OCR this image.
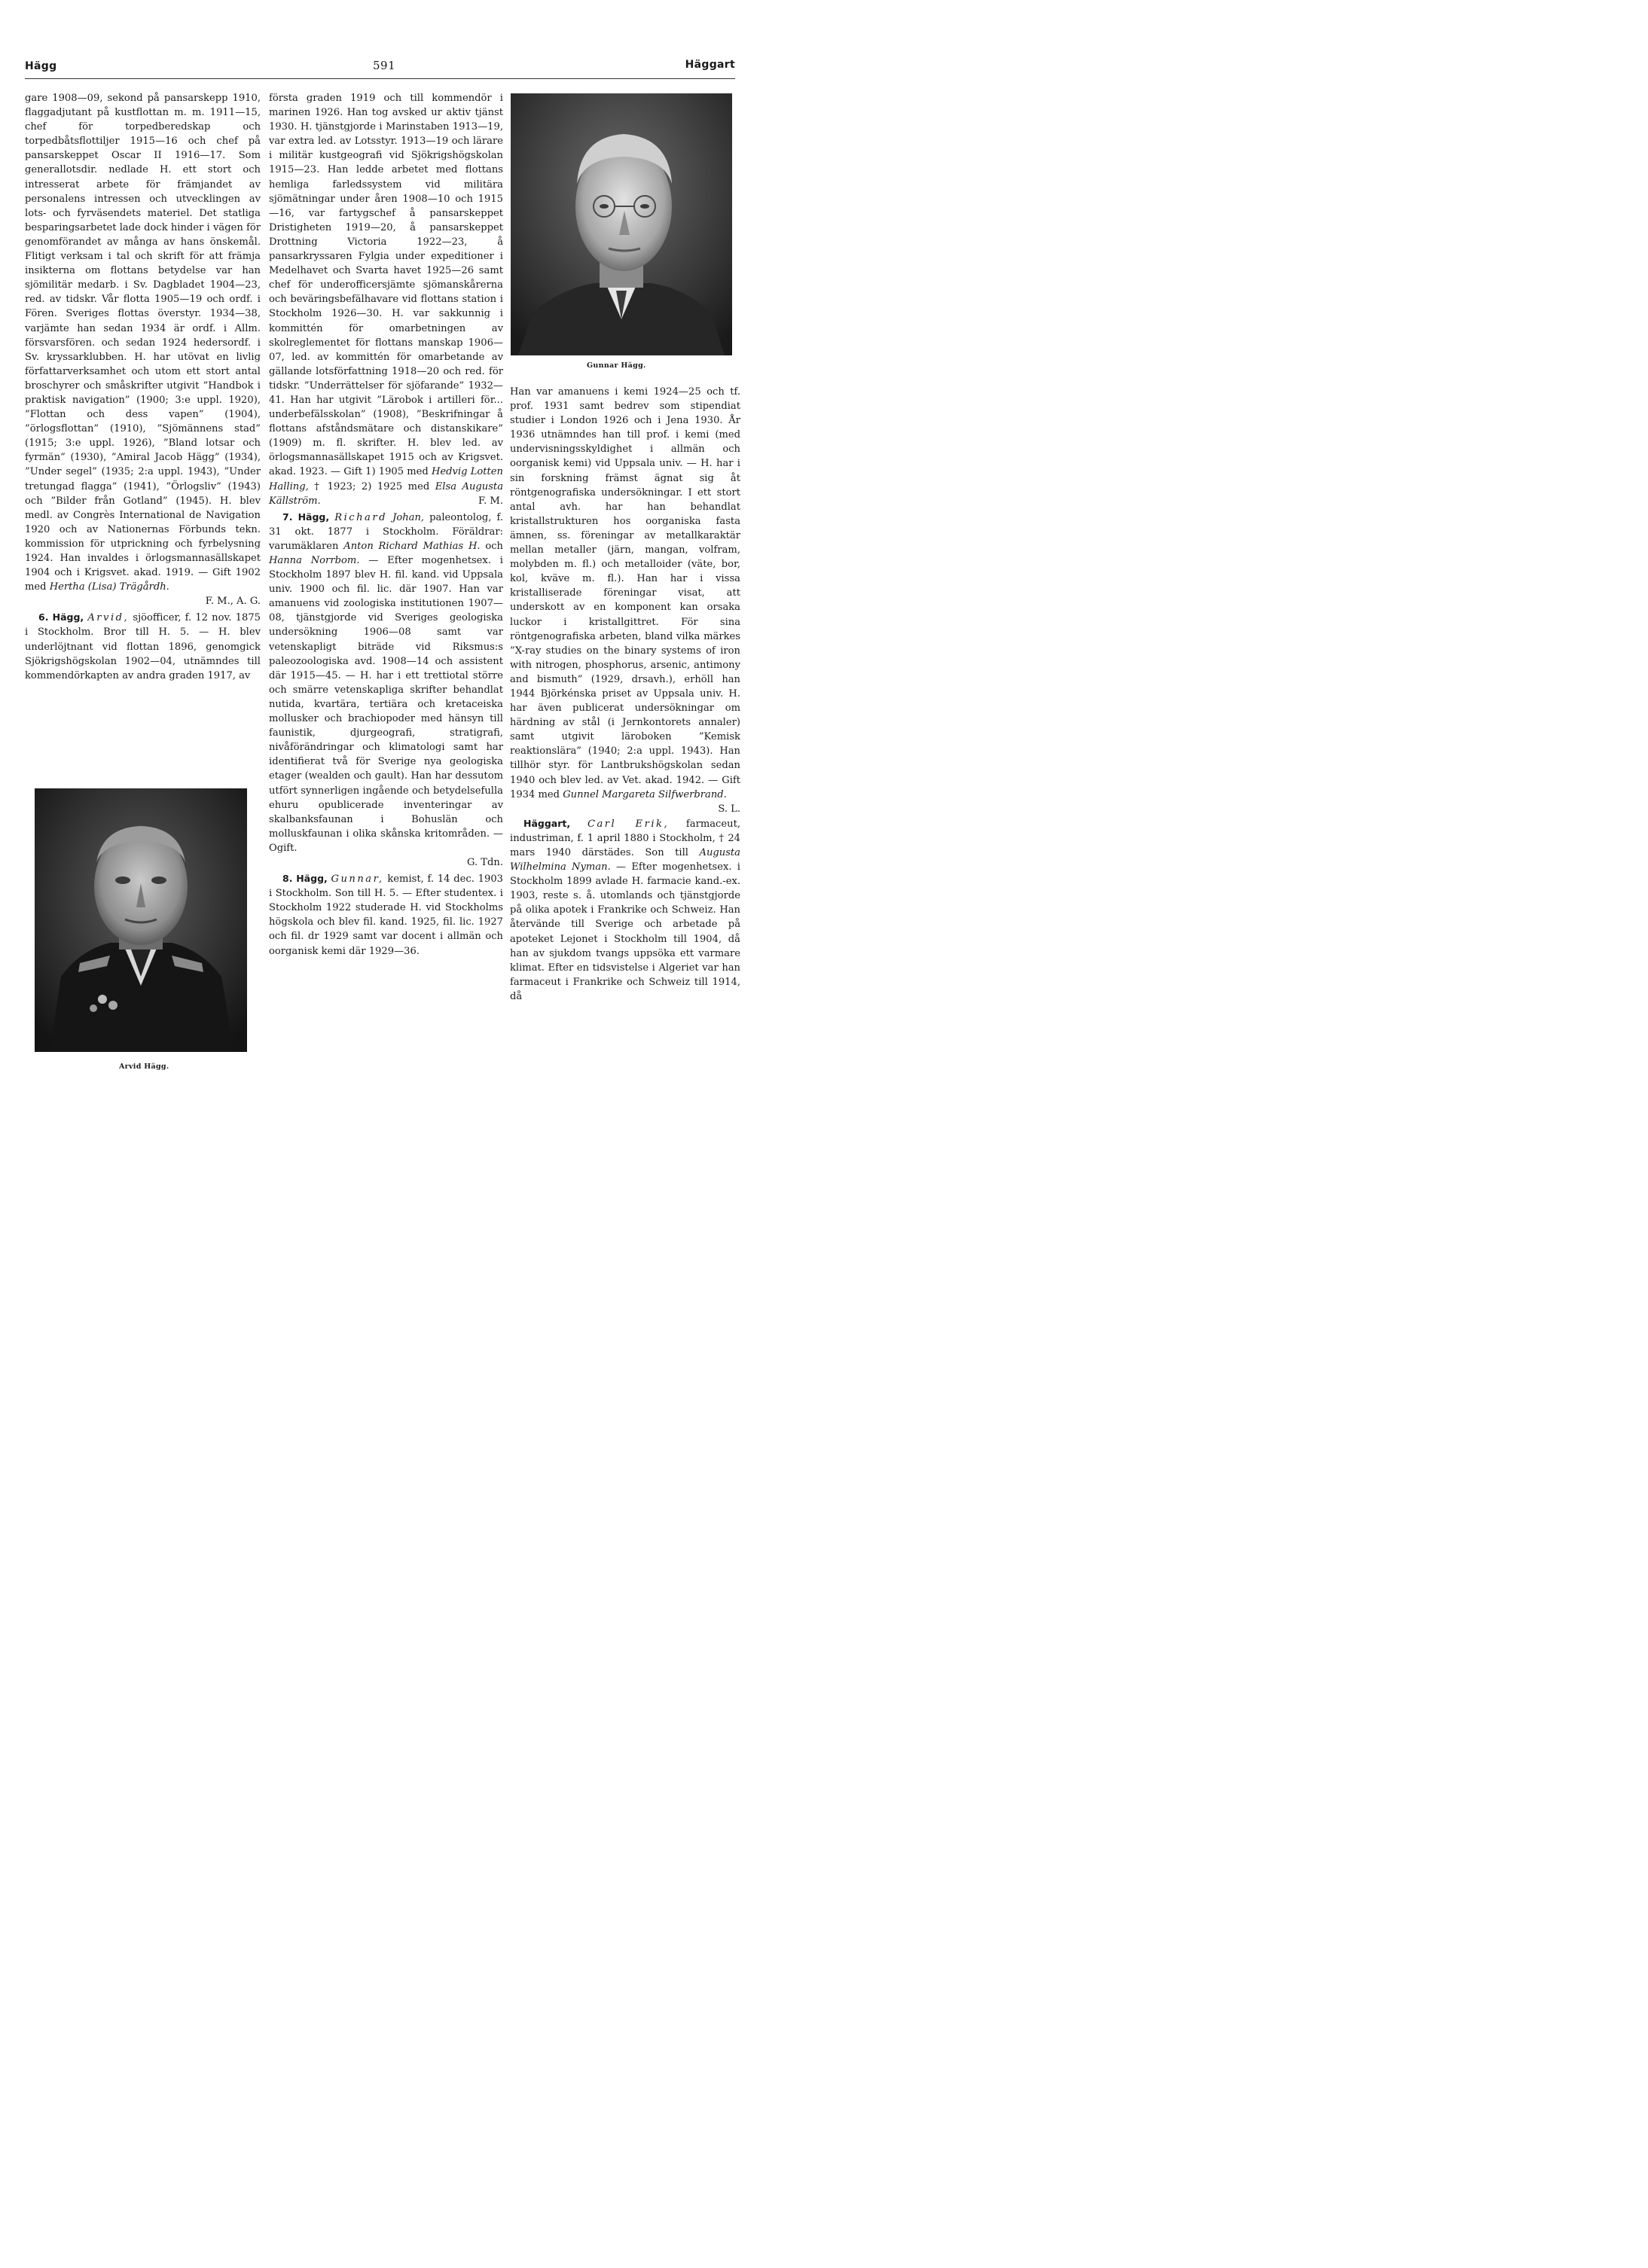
Hägg	591	Häggart

gare 1908—09, sekond på pansarskepp 1910, flaggadjutant på kustflottan m. m. 1911—15, chef för torpedberedskap och torpedbåtsflottiljer 1915—16 och chef på pansarskeppet Oscar II 1916—17. Som generallotsdir. nedlade H. ett stort och intresserat arbete för främjandet av personalens intressen och utvecklingen av lots- och fyrväsendets materiel. Det statliga besparingsarbetet lade dock hinder i vägen för genomförandet av många av hans önskemål. Flitigt verksam i tal och skrift för att främja insikterna om flottans betydelse var han sjömilitär medarb. i Sv. Dagbladet 1904—23, red. av tidskr. Vår flotta 1905—19 och ordf. i Fören. Sveriges flottas överstyr. 1934—38, varjämte han sedan 1934 är ordf. i Allm. försvarsfören. och sedan 1924 hedersordf. i Sv. kryssarklubben. H. har utövat en livlig författarverksamhet och utom ett stort antal broschyrer och småskrifter utgivit ”Handbok i praktisk navigation” (1900; 3:e uppl. 1920), ”Flottan och dess vapen” (1904), ”örlogsflottan” (1910), ”Sjömännens stad” (1915; 3:e uppl. 1926), ”Bland lotsar och fyrmän” (1930), ”Amiral Jacob Hägg” (1934), ”Under segel” (1935; 2:a uppl. 1943), ”Under tretungad flagga” (1941), ”Örlogsliv” (1943) och ”Bilder från Gotland” (1945). H. blev medl. av Congrès International de Navigation 1920 och av Nationernas Förbunds tekn. kommission för utprickning och fyrbelysning 1924. Han invaldes i örlogsmannasällskapet 1904 och i Krigsvet. akad. 1919. — Gift 1902 med Hertha (Lisa) Trägårdh.

F. M., A. G.

6. Hägg, Arvid, sjöofficer, f. 12 nov. 1875 i Stockholm. Bror till H. 5. — H. blev underlöjtnant vid flottan 1896, genomgick Sjökrigshögskolan 1902—04, utnämndes till kommendörkapten av andra graden 1917, av

Arvid Hägg.

första graden 1919 och till kommendör i marinen 1926. Han tog avsked ur aktiv tjänst 1930. H. tjänstgjorde i Marinstaben 1913—19, var extra led. av Lotsstyr. 1913—19 och lärare i militär kustgeografi vid Sjökrigshögskolan 1915—23. Han ledde arbetet med flottans hemliga farledssystem vid militära sjömätningar under åren 1908—10 och 1915—16, var fartygschef å pansarskeppet Dristigheten 1919—20, å pansarskeppet Drottning Victoria 1922—23, å pansarkryssaren Fylgia under expeditioner i Medelhavet och Svarta havet 1925—26 samt chef för underofficersjämte sjömanskårerna och beväringsbefälhavare vid flottans station i Stockholm 1926—30. H. var sakkunnig i kommittén för omarbetningen av skolreglementet för flottans manskap 1906—07, led. av kommittén för omarbetande av gällande lotsförfattning 1918—20 och red. för tidskr. ”Underrättelser för sjöfarande” 1932—41. Han har utgivit ”Lärobok i artilleri för... underbefälsskolan” (1908), ”Beskrifningar å flottans afståndsmätare och distanskikare” (1909) m. fl. skrifter. H. blev led. av örlogsmannasällskapet 1915 och av Krigsvet. akad. 1923. — Gift 1) 1905 med Hedvig Lotten Halling, † 1923; 2) 1925 med Elsa Augusta Källström.	F. M.

7. Hägg, Richard Johan, paleontolog, f. 31 okt. 1877 i Stockholm. Föräldrar: varumäklaren Anton Richard Mathias H. och Hanna Norrbom. — Efter mogenhetsex. i Stockholm 1897 blev H. fil. kand. vid Uppsala univ. 1900 och fil. lic. där 1907. Han var amanuens vid zoologiska institutionen 1907—08, tjänstgjorde vid Sveriges geologiska undersökning 1906—08 samt var vetenskapligt biträde vid Riksmus:s paleozoologiska avd. 1908—14 och assistent där 1915—45. — H. har i ett trettiotal större och smärre vetenskapliga skrifter behandlat nutida, kvartära, tertiära och kretaceiska mollusker och brachiopoder med hänsyn till faunistik, djurgeografi, stratigrafi, nivåförändringar och klimatologi samt har identifierat två för Sverige nya geologiska etager (wealden och gault). Han har dessutom utfört synnerligen ingående och betydelsefulla ehuru opublicerade inventeringar av skalbanksfaunan i Bohuslän och molluskfaunan i olika skånska kritområden. — Ogift.

G. Tdn.

8. Hägg, Gunnar, kemist, f. 14 dec. 1903 i Stockholm. Son till H. 5. — Efter studentex. i Stockholm 1922 studerade H. vid Stockholms högskola och blev fil. kand. 1925, fil. lic. 1927 och fil. dr 1929 samt var docent i allmän och oorganisk kemi där 1929—36.

Gunnar Hägg.

Han var amanuens i kemi 1924—25 och tf. prof. 1931 samt bedrev som stipendiat studier i London 1926 och i Jena 1930. År 1936 utnämndes han till prof. i kemi (med undervisningsskyldighet i allmän och oorganisk kemi) vid Uppsala univ. — H. har i sin forskning främst ägnat sig åt röntgenografiska undersökningar. I ett stort antal avh. har han behandlat kristallstrukturen hos oorganiska fasta ämnen, ss. föreningar av metallkaraktär mellan metaller (järn, mangan, volfram, molybden m. fl.) och metalloider (väte, bor, kol, kväve m. fl.). Han har i vissa kristalliserade föreningar visat, att underskott av en komponent kan orsaka luckor i kristallgittret. För sina röntgenografiska arbeten, bland vilka märkes ”X-ray studies on the binary systems of iron with nitrogen, phosphorus, arsenic, antimony and bismuth” (1929, drsavh.), erhöll han 1944 Björkénska priset av Uppsala univ. H. har även publicerat undersökningar om härdning av stål (i Jernkontorets annaler) samt utgivit läroboken ”Kemisk reaktionslära” (1940; 2:a uppl. 1943). Han tillhör styr. för Lantbrukshögskolan sedan 1940 och blev led. av Vet. akad. 1942. — Gift 1934 med Gunnel Margareta Silfwerbrand.
S. L.

Häggart, Carl Erik, farmaceut, industriman, f. 1 april 1880 i Stockholm, † 24 mars 1940 därstädes. Son till Augusta Wilhelmina Nyman. — Efter mogenhetsex. i Stockholm 1899 avlade H. farmacie kand.-ex. 1903, reste s. å. utomlands och tjänstgjorde på olika apotek i Frankrike och Schweiz. Han återvände till Sverige och arbetade på apoteket Lejonet i Stockholm till 1904, då han av sjukdom tvangs uppsöka ett varmare klimat. Efter en tidsvistelse i Algeriet var han farmaceut i Frankrike och Schweiz till 1914, då
